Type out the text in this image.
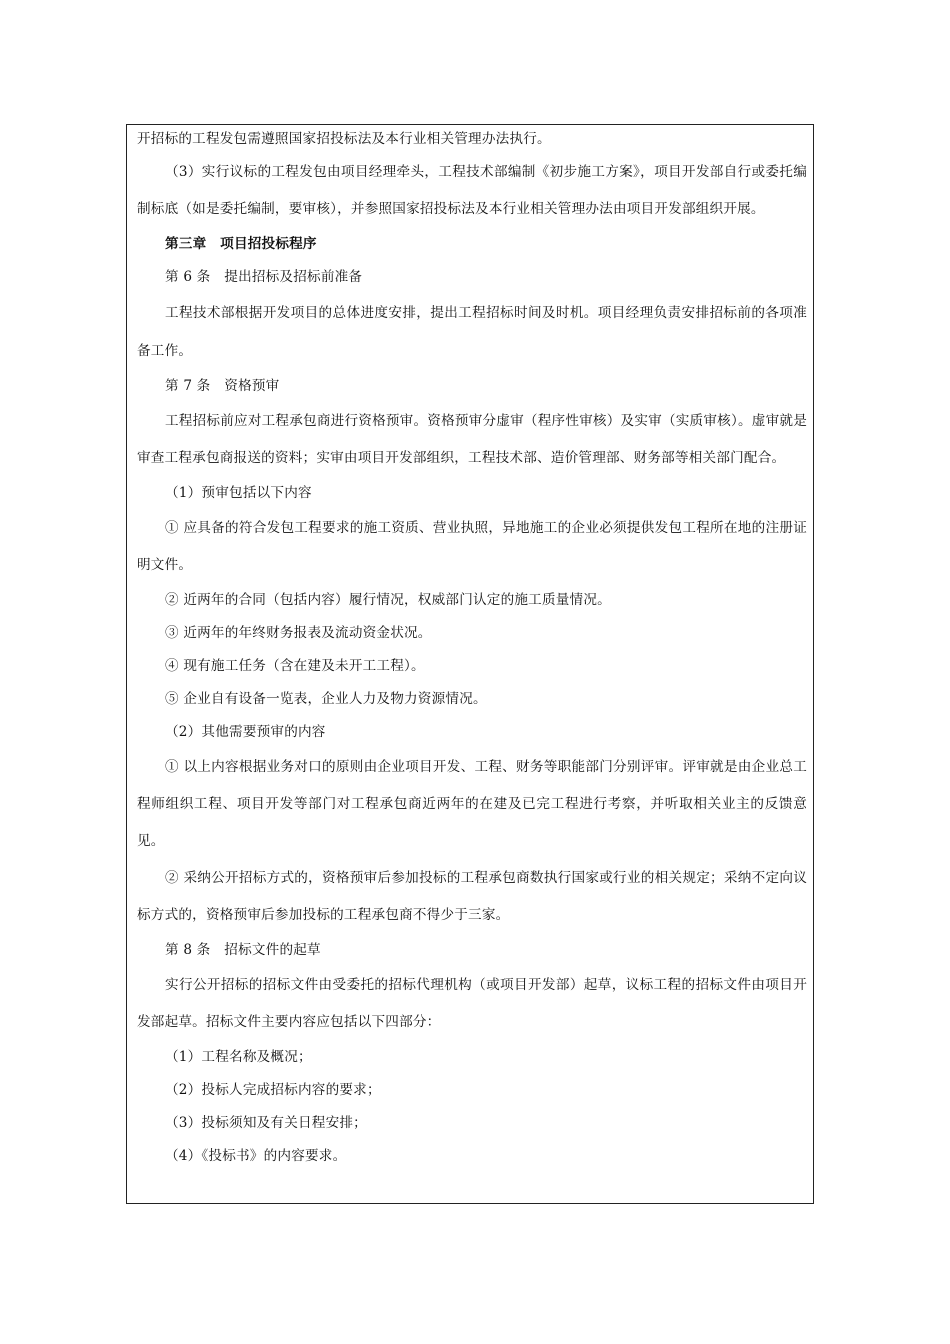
开招标的工程发包需遵照国家招投标法及本行业相关管理办法执行。

（3）实行议标的工程发包由项目经理牵头，工程技术部编制《初步施工方案》，项目开发部自行或委托编制标底（如是委托编制，要审核），并参照国家招投标法及本行业相关管理办法由项目开发部组织开展。

第三章　项目招投标程序

第 6 条　提出招标及招标前准备

工程技术部根据开发项目的总体进度安排，提出工程招标时间及时机。项目经理负责安排招标前的各项准备工作。

第 7 条　资格预审

工程招标前应对工程承包商进行资格预审。资格预审分虚审（程序性审核）及实审（实质审核）。虚审就是审查工程承包商报送的资料；实审由项目开发部组织，工程技术部、造价管理部、财务部等相关部门配合。

（1）预审包括以下内容

① 应具备的符合发包工程要求的施工资质、营业执照，异地施工的企业必须提供发包工程所在地的注册证明文件。

② 近两年的合同（包括内容）履行情况，权威部门认定的施工质量情况。

③ 近两年的年终财务报表及流动资金状况。

④ 现有施工任务（含在建及未开工工程）。

⑤ 企业自有设备一览表，企业人力及物力资源情况。

（2）其他需要预审的内容

① 以上内容根据业务对口的原则由企业项目开发、工程、财务等职能部门分别评审。评审就是由企业总工程师组织工程、项目开发等部门对工程承包商近两年的在建及已完工程进行考察，并听取相关业主的反馈意见。

② 采纳公开招标方式的，资格预审后参加投标的工程承包商数执行国家或行业的相关规定；采纳不定向议标方式的，资格预审后参加投标的工程承包商不得少于三家。

第 8 条　招标文件的起草

实行公开招标的招标文件由受委托的招标代理机构（或项目开发部）起草，议标工程的招标文件由项目开发部起草。招标文件主要内容应包括以下四部分：

（1）工程名称及概况；

（2）投标人完成招标内容的要求；

（3）投标须知及有关日程安排；

（4）《投标书》的内容要求。
